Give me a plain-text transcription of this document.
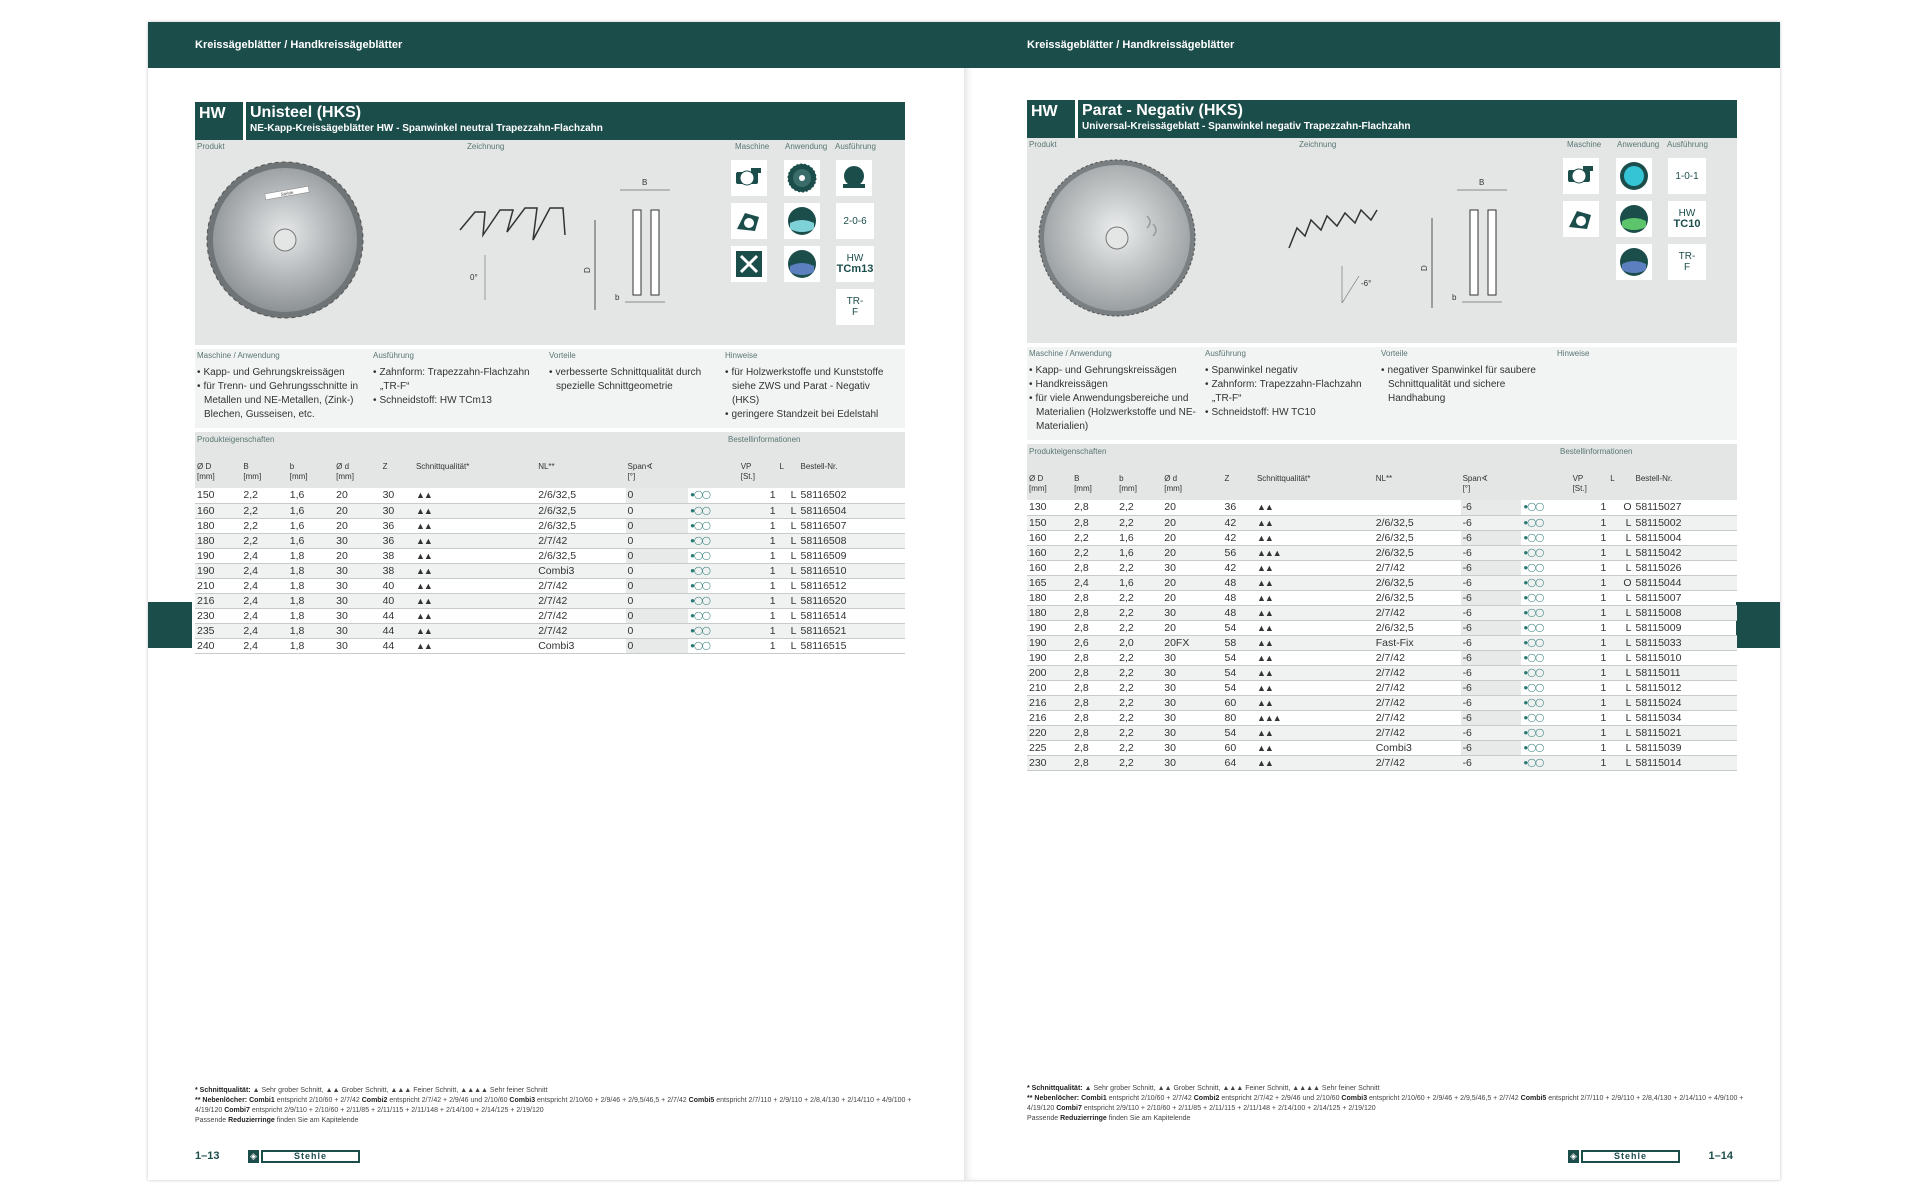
Kreissägeblätter / Handkreissägeblätter
HW	Unisteel (HKS)
NE-Kapp-Kreissägeblätter HW - Spanwinkel neutral Trapezzahn-Flachzahn
Produkt	Zeichnung	Maschine Anwendung Ausführung
Stehle
0°
D
B
b
2-0-6
HW
TCm13
TR-
F
Maschine / Anwendung
• Kapp- und Gehrungskreissägen
• für Trenn- und Gehrungsschnitte in Metallen und NE-Metallen, (Zink-) Blechen, Gusseisen, etc.
Ausführung
• Zahnform: Trapezzahn-Flachzahn „TR-F“
• Schneidstoff: HW TCm13
Vorteile
• verbesserte Schnittqualität durch spezielle Schnittgeometrie
Hinweise
• für Holzwerkstoffe und Kunststoffe siehe ZWS und Parat - Negativ (HKS)
• geringere Standzeit bei Edelstahl
Produkteigenschaften	Bestellinformationen
Ø D
[mm]	B
[mm]	b
[mm]	Ø d
[mm]	Z	Schnittqualität*	NL**	Span∢
[°]		VP
[St.]	L	Bestell-Nr.
150	2,2	1,6	20	30	▲▲	2/6/32,5	0	●◯◯	1	L	58116502
160	2,2	1,6	20	30	▲▲	2/6/32,5	0	●◯◯	1	L	58116504
180	2,2	1,6	20	36	▲▲	2/6/32,5	0	●◯◯	1	L	58116507
180	2,2	1,6	30	36	▲▲	2/7/42	0	●◯◯	1	L	58116508
190	2,4	1,8	20	38	▲▲	2/6/32,5	0	●◯◯	1	L	58116509
190	2,4	1,8	30	38	▲▲	Combi3	0	●◯◯	1	L	58116510
210	2,4	1,8	30	40	▲▲	2/7/42	0	●◯◯	1	L	58116512
216	2,4	1,8	30	40	▲▲	2/7/42	0	●◯◯	1	L	58116520
230	2,4	1,8	30	44	▲▲	2/7/42	0	●◯◯	1	L	58116514
235	2,4	1,8	30	44	▲▲	2/7/42	0	●◯◯	1	L	58116521
240	2,4	1,8	30	44	▲▲	Combi3	0	●◯◯	1	L	58116515
* Schnittqualität: ▲ Sehr grober Schnitt, ▲▲ Grober Schnitt, ▲▲▲ Feiner Schnitt, ▲▲▲▲ Sehr feiner Schnitt
** Nebenlöcher: Combi1 entspricht 2/10/60 + 2/7/42 Combi2 entspricht 2/7/42 + 2/9/46 und 2/10/60 Combi3 entspricht 2/10/60 + 2/9/46 + 2/9,5/46,5 + 2/7/42 Combi5 entspricht 2/7/110 + 2/9/110 + 2/8,4/130 + 2/14/110 + 4/9/100 + 4/19/120 Combi7 entspricht 2/9/110 + 2/10/60 + 2/11/85 + 2/11/115 + 2/11/148 + 2/14/100 + 2/14/125 + 2/19/120
Passende Reduzierringe finden Sie am Kapitelende
1–13	◈	Stehle
Kreissägeblätter / Handkreissägeblätter
HW	Parat - Negativ (HKS)
Universal-Kreissägeblatt - Spanwinkel negativ Trapezzahn-Flachzahn
Produkt	Zeichnung	Maschine Anwendung Ausführung
-6°
D
B
b
1-0-1
HW
TC10
TR-
F
Maschine / Anwendung
• Kapp- und Gehrungskreissägen
• Handkreissägen
• für viele Anwendungsbereiche und Materialien (Holzwerkstoffe und NE-Materialien)
Ausführung
• Spanwinkel negativ
• Zahnform: Trapezzahn-Flachzahn „TR-F“
• Schneidstoff: HW TC10
Vorteile
• negativer Spanwinkel für saubere Schnittqualität und sichere Handhabung
Hinweise
Produkteigenschaften	Bestellinformationen
Ø D
[mm]	B
[mm]	b
[mm]	Ø d
[mm]	Z	Schnittqualität*	NL**	Span∢
[°]		VP
[St.]	L	Bestell-Nr.
130	2,8	2,2	20	36	▲▲		-6	●◯◯	1	O	58115027
150	2,8	2,2	20	42	▲▲	2/6/32,5	-6	●◯◯	1	L	58115002
160	2,2	1,6	20	42	▲▲	2/6/32,5	-6	●◯◯	1	L	58115004
160	2,2	1,6	20	56	▲▲▲	2/6/32,5	-6	●◯◯	1	L	58115042
160	2,8	2,2	30	42	▲▲	2/7/42	-6	●◯◯	1	L	58115026
165	2,4	1,6	20	48	▲▲	2/6/32,5	-6	●◯◯	1	O	58115044
180	2,8	2,2	20	48	▲▲	2/6/32,5	-6	●◯◯	1	L	58115007
180	2,8	2,2	30	48	▲▲	2/7/42	-6	●◯◯	1	L	58115008
190	2,8	2,2	20	54	▲▲	2/6/32,5	-6	●◯◯	1	L	58115009
190	2,6	2,0	20FX	58	▲▲	Fast-Fix	-6	●◯◯	1	L	58115033
190	2,8	2,2	30	54	▲▲	2/7/42	-6	●◯◯	1	L	58115010
200	2,8	2,2	30	54	▲▲	2/7/42	-6	●◯◯	1	L	58115011
210	2,8	2,2	30	54	▲▲	2/7/42	-6	●◯◯	1	L	58115012
216	2,8	2,2	30	60	▲▲	2/7/42	-6	●◯◯	1	L	58115024
216	2,8	2,2	30	80	▲▲▲	2/7/42	-6	●◯◯	1	L	58115034
220	2,8	2,2	30	54	▲▲	2/7/42	-6	●◯◯	1	L	58115021
225	2,8	2,2	30	60	▲▲	Combi3	-6	●◯◯	1	L	58115039
230	2,8	2,2	30	64	▲▲	2/7/42	-6	●◯◯	1	L	58115014
* Schnittqualität: ▲ Sehr grober Schnitt, ▲▲ Grober Schnitt, ▲▲▲ Feiner Schnitt, ▲▲▲▲ Sehr feiner Schnitt
** Nebenlöcher: Combi1 entspricht 2/10/60 + 2/7/42 Combi2 entspricht 2/7/42 + 2/9/46 und 2/10/60 Combi3 entspricht 2/10/60 + 2/9/46 + 2/9,5/46,5 + 2/7/42 Combi5 entspricht 2/7/110 + 2/9/110 + 2/8,4/130 + 2/14/110 + 4/9/100 + 4/19/120 Combi7 entspricht 2/9/110 + 2/10/60 + 2/11/85 + 2/11/115 + 2/11/148 + 2/14/100 + 2/14/125 + 2/19/120
Passende Reduzierringe finden Sie am Kapitelende
1–14
◈	Stehle
